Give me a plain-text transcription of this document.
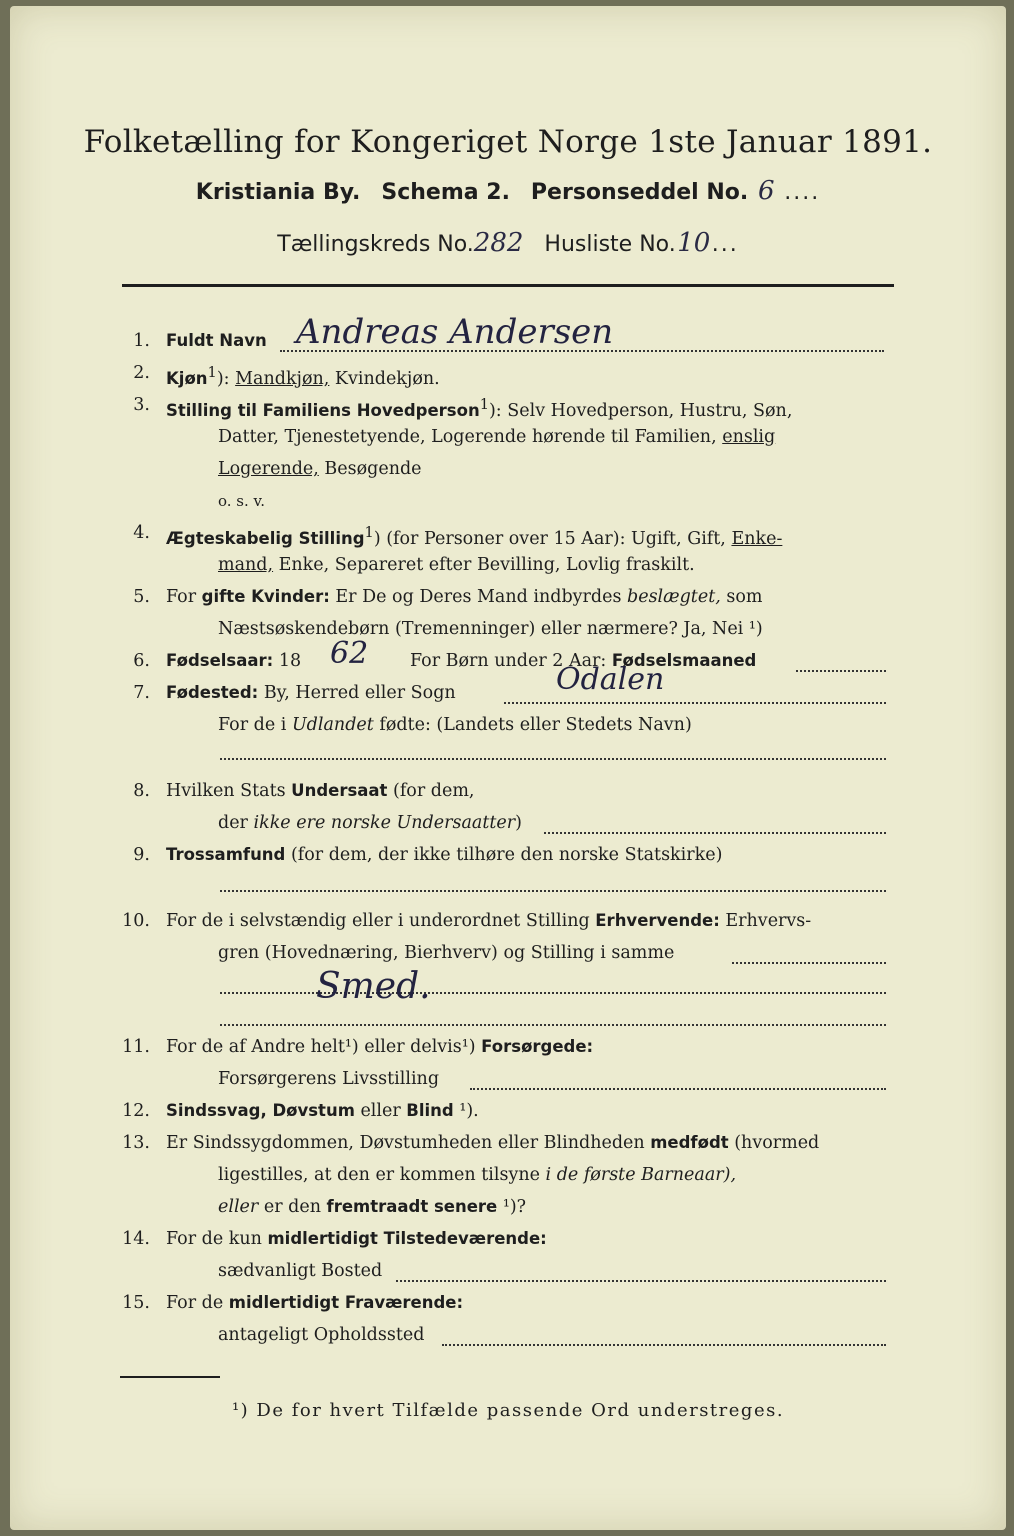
Folketælling for Kongeriget Norge 1ste Januar 1891.
Kristiania By. Schema 2. Personseddel No. 6 ....
Tællingskreds No.282 Husliste No.10...
1. Fuldt Navn Andreas Andersen
2. Kjøn$^1$): Mandkjøn, Kvindekjøn.
3. Stilling til Familiens Hovedperson$^1$): Selv Hovedperson, Hustru, Søn,
Datter, Tjenestetyende, Logerende hørende til Familien, enslig
Logerende, Besøgende
o. s. v.
4. Ægteskabelig Stilling$^1$) (for Personer over 15 Aar): Ugift, Gift, Enke-
mand, Enke, Separeret efter Bevilling, Lovlig fraskilt.
5. For gifte Kvinder: Er De og Deres Mand indbyrdes beslægtet, som
Næstsøskendebørn (Tremenninger) eller nærmere? Ja, Nei ¹)
6. Fødselsaar: 18	For Børn under 2 Aar: Fødselsmaaned
62
7. Fødested: By, Herred eller Sogn	Odalen
For de i Udlandet fødte: (Landets eller Stedets Navn)
8. Hvilken Stats Undersaat (for dem,
der ikke ere norske Undersaatter)
9. Trossamfund (for dem, der ikke tilhøre den norske Statskirke)
10. For de i selvstændig eller i underordnet Stilling Erhvervende: Erhvervs-
gren (Hovednæring, Bierhverv) og Stilling i samme
Smed.
11. For de af Andre helt¹) eller delvis¹) Forsørgede:
Forsørgerens Livsstilling
12. Sindssvag, Døvstum eller Blind ¹).
13. Er Sindssygdommen, Døvstumheden eller Blindheden medfødt (hvormed
ligestilles, at den er kommen tilsyne i de første Barneaar),
eller er den fremtraadt senere ¹)?
14. For de kun midlertidigt Tilstedeværende:
sædvanligt Bosted
15. For de midlertidigt Fraværende:
antageligt Opholdssted
¹) De for hvert Tilfælde passende Ord understreges.
